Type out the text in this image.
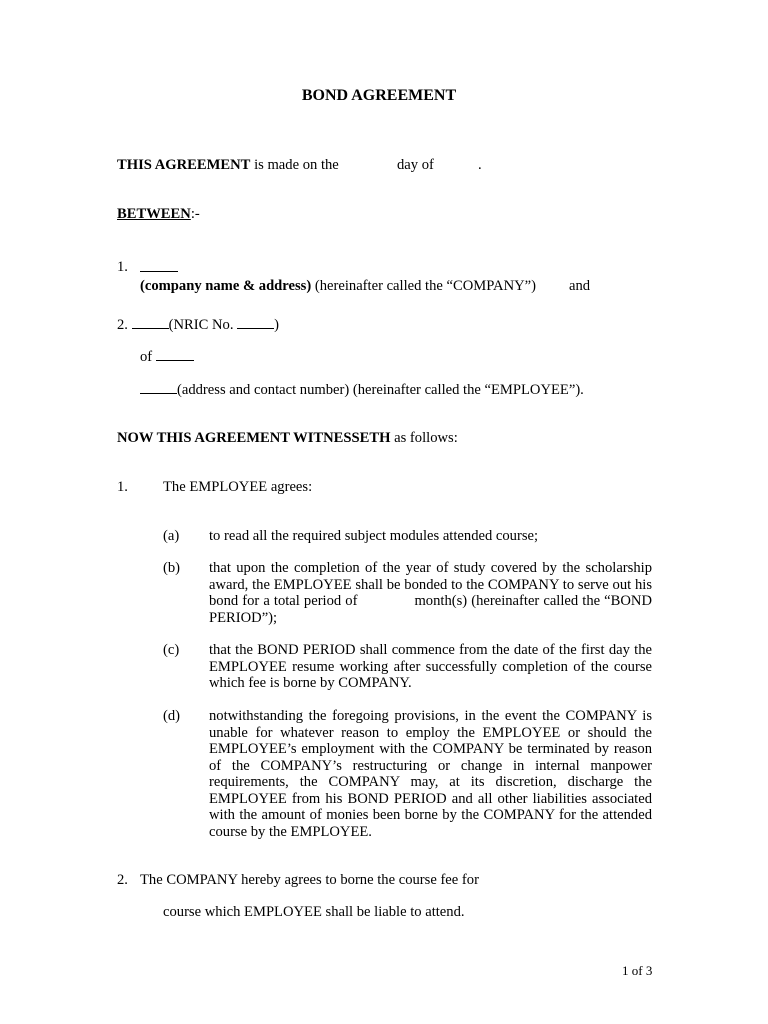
BOND AGREEMENT
THIS AGREEMENT is made on the	day of	.
BETWEEN:-
1.
(company name & address) (hereinafter called the “COMPANY”) and
2.	(NRIC No.	)
of
(address and contact number) (hereinafter called the “EMPLOYEE”).
NOW THIS AGREEMENT WITNESSETH as follows:
1. The EMPLOYEE agrees:
(a) to read all the required subject modules attended course;
(b) that upon the completion of the year of study covered by the scholarship award, the EMPLOYEE shall be bonded to the COMPANY to serve out his bond for a total period of              month(s) (hereinafter called the “BOND PERIOD”);
(c) that the BOND PERIOD shall commence from the date of the first day the EMPLOYEE resume working after successfully completion of the course which fee is borne by COMPANY.
(d) notwithstanding the foregoing provisions, in the event the COMPANY is unable for whatever reason to employ the EMPLOYEE or should the EMPLOYEE’s employment with the COMPANY be terminated by reason of the COMPANY’s restructuring or change in internal manpower requirements, the COMPANY may, at its discretion, discharge the EMPLOYEE from his BOND PERIOD and all other liabilities associated with the amount of monies been borne by the COMPANY for the attended course by the EMPLOYEE.
2. The COMPANY hereby agrees to borne the course fee for
course which EMPLOYEE shall be liable to attend.
1 of 3
